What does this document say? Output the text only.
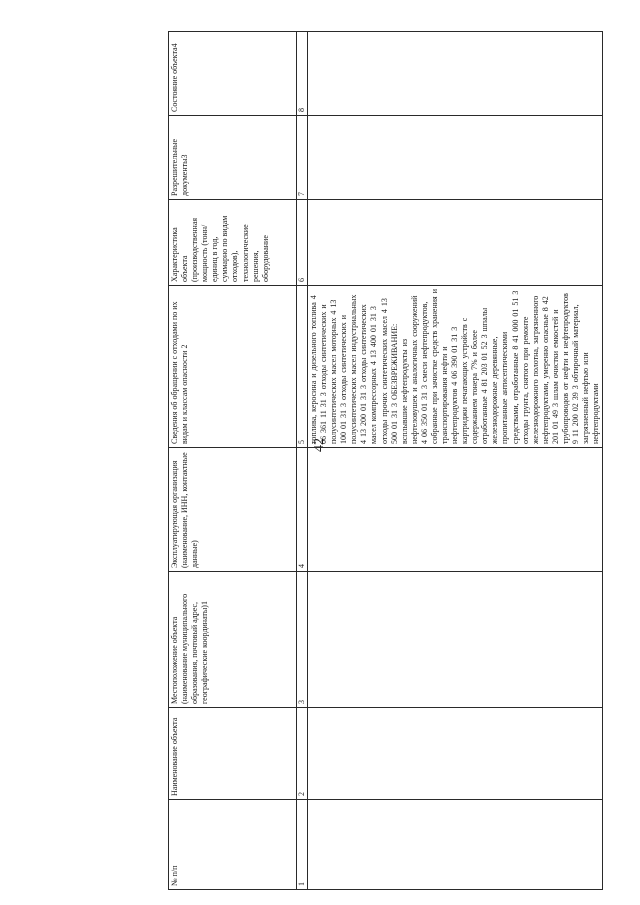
42
№ п/п	Наименование объекта	Местоположение объекта (наименование муниципального образования, почтовый адрес, географические координаты)1	Эксплуатирующая организация (наименование, ИНН, контактные данные)	Сведения об обращении с отходами по их видам и классам опасности 2	Характеристика объекта (производственная мощность (тонн/единиц в год, суммарно по видам отходов), технологические решения, оборудование	Разрешительные документы3	Состояние объекта4
1	2	3	4	5	6	7	8
				топлива, керосина и дизельного топлива 4 06 361 11 31 3 отходы синтетических и полусинтетических масел моторных 4 13 100 01 31 3 отходы синтетических и полусинтетических масел индустриальных 4 13 200 01 31 3 отходы синтетических масел компрессорных 4 13 400 01 31 3 отходы прочих синтетических масел 4 13 500 01 31 3 ОБЕЗВРЕЖИВАНИЕ: всплывшие нефтепродукты из нефтеловушек и аналогичных сооружений 4 06 350 01 31 3 смеси нефтепродуктов, собранные при зачистке средств хранения и транспортирования нефти и нефтепродуктов 4 06 390 01 31 3 картриджи печатающих устройств с содержанием тонера 7% и более отработанные 4 81 203 01 52 3 шпалы железнодорожные деревянные, пропитанные антисептическими средствами, отработанные 8 41 000 01 51 3 отходы грунта, снятого при ремонте железнодорожного полотна, загрязненного нефтепродуктами, умеренно опасные 8 42 201 01 49 3 шлам очистки емкостей и трубопроводов от нефти и нефтепродуктов 9 11 200 02 39 3 обтирочный материал, загрязненный нефтью или нефтепродуктами			
